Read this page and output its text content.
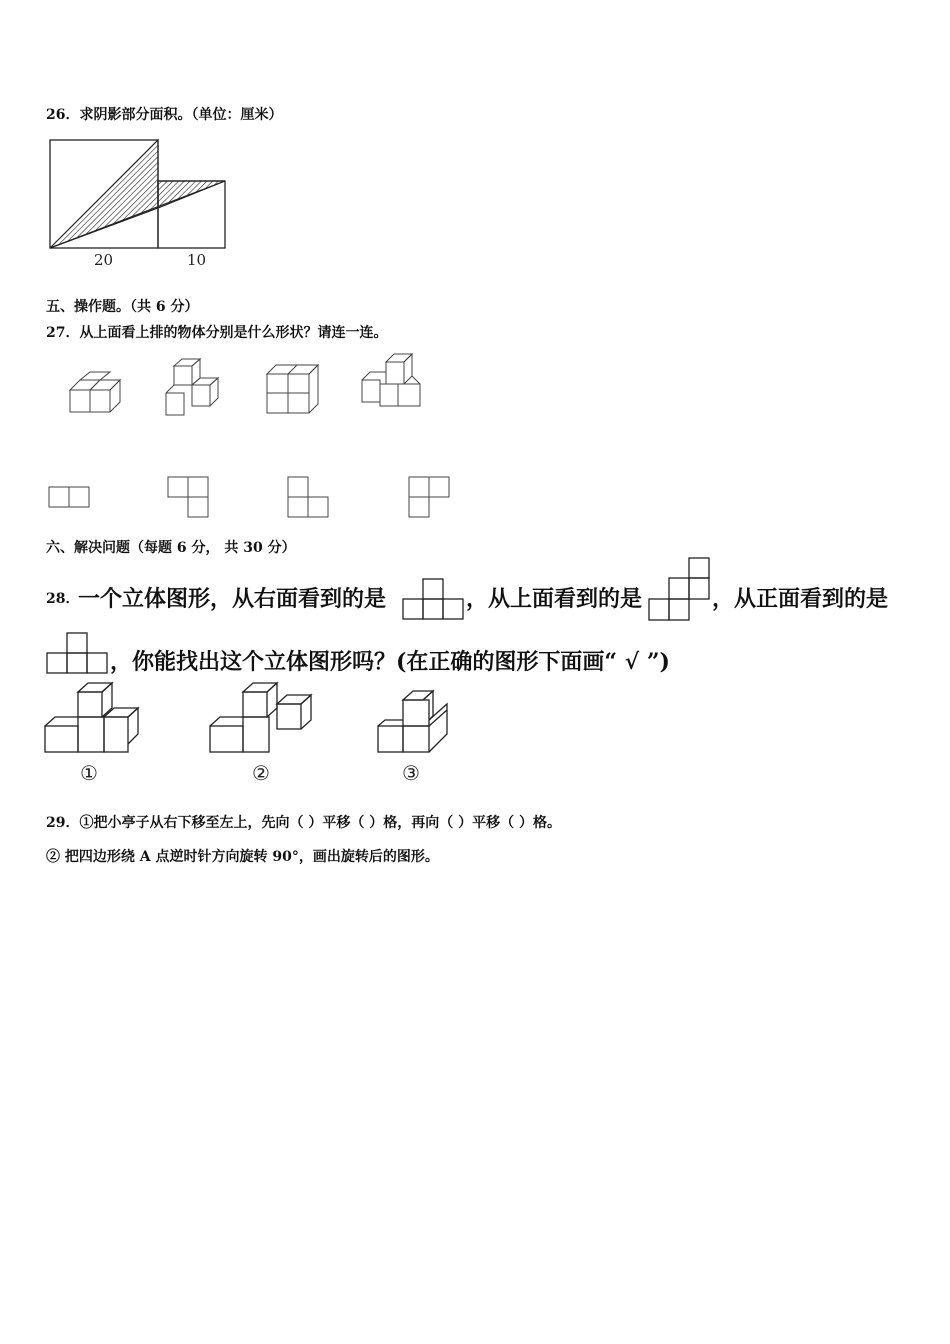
26．求阴影部分面积。（单位：厘米）
20	10
五、操作题。（共 6 分）
27．从上面看上排的物体分别是什么形状？请连一连。
六、解决问题（每题 6 分， 共 30 分）
28．
一个立体图形，从右面看到的是	，从上面看到的是	，从正面看到的是
，你能找出这个立体图形吗？(在正确的图形下面画“ √ ”)
①	②	③
29．①把小亭子从右下移至左上，先向（ ）平移（ ）格，再向（ ）平移（ ）格。
② 把四边形绕 A 点逆时针方向旋转 90°，画出旋转后的图形。
